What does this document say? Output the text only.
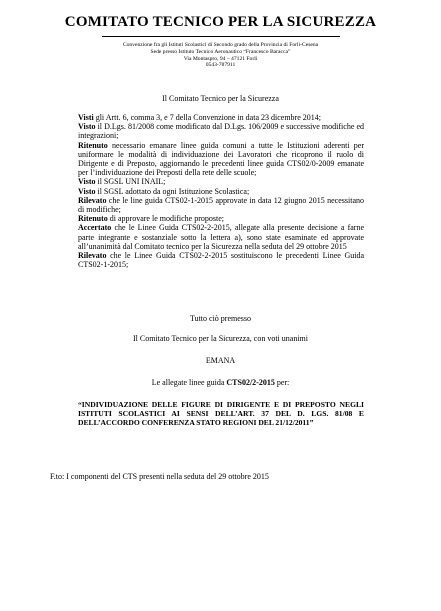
COMITATO TECNICO PER LA SICUREZZA
Convenzione fra gli Istituti Scolastici di Secondo grado della Provincia di Forlì-Cesena
Sede presso Istituto Tecnico Aeronautico “Francesco Baracca”
Via Montaspro, 94 – 47121 Forlì
0543-787911
Il Comitato Tecnico per la Sicurezza

Visti gli Artt. 6, comma 3, e 7 della Convenzione in data 23 dicembre 2014;

Visto il D.Lgs. 81/2008 come modificato dal D.Lgs. 106/2009 e successive modifiche ed integrazioni;

Ritenuto necessario emanare linee guida comuni a tutte le Istituzioni aderenti per uniformare le modalità di individuazione dei Lavoratori che ricoprono il ruolo di Dirigente e di Preposto, aggiornando le precedenti linee guida CTS02/0-2009 emanate per l’individuazione dei Preposti della rete delle scuole;

Visto il SGSL UNI INAIL;

Visto il SGSL adottato da ogni Istituzione Scolastica;

Rilevato che le line guida CTS02-1-2015 approvate in data 12 giugno 2015 necessitano di modifiche;

Ritenuto di approvare le modifiche proposte;

Accertato che le Linee Guida CTS02-2-2015, allegate alla presente decisione a farne parte integrante e sostanziale sotto la lettera a), sono state esaminate ed approvate all’unanimità dal Comitato tecnico per la Sicurezza nella seduta del 29 ottobre 2015

Rilevato che le Linee Guida CTS02-2-2015 sostituiscono le precedenti Linee Guida CTS02-1-2015;

Tutto ciò premesso
Il Comitato Tecnico per la Sicurezza, con voti unanimi
EMANA
Le allegate linee guida CTS02/2-2015 per:
“INDIVIDUAZIONE DELLE FIGURE DI DIRIGENTE E DI PREPOSTO NEGLI ISTITUTI SCOLASTICI AI SENSI DELL’ART. 37 DEL D. LGS. 81/08 E DELL’ACCORDO CONFERENZA STATO REGIONI DEL 21/12/2011”
F.to: I componenti del CTS presenti nella seduta del 29 ottobre 2015
